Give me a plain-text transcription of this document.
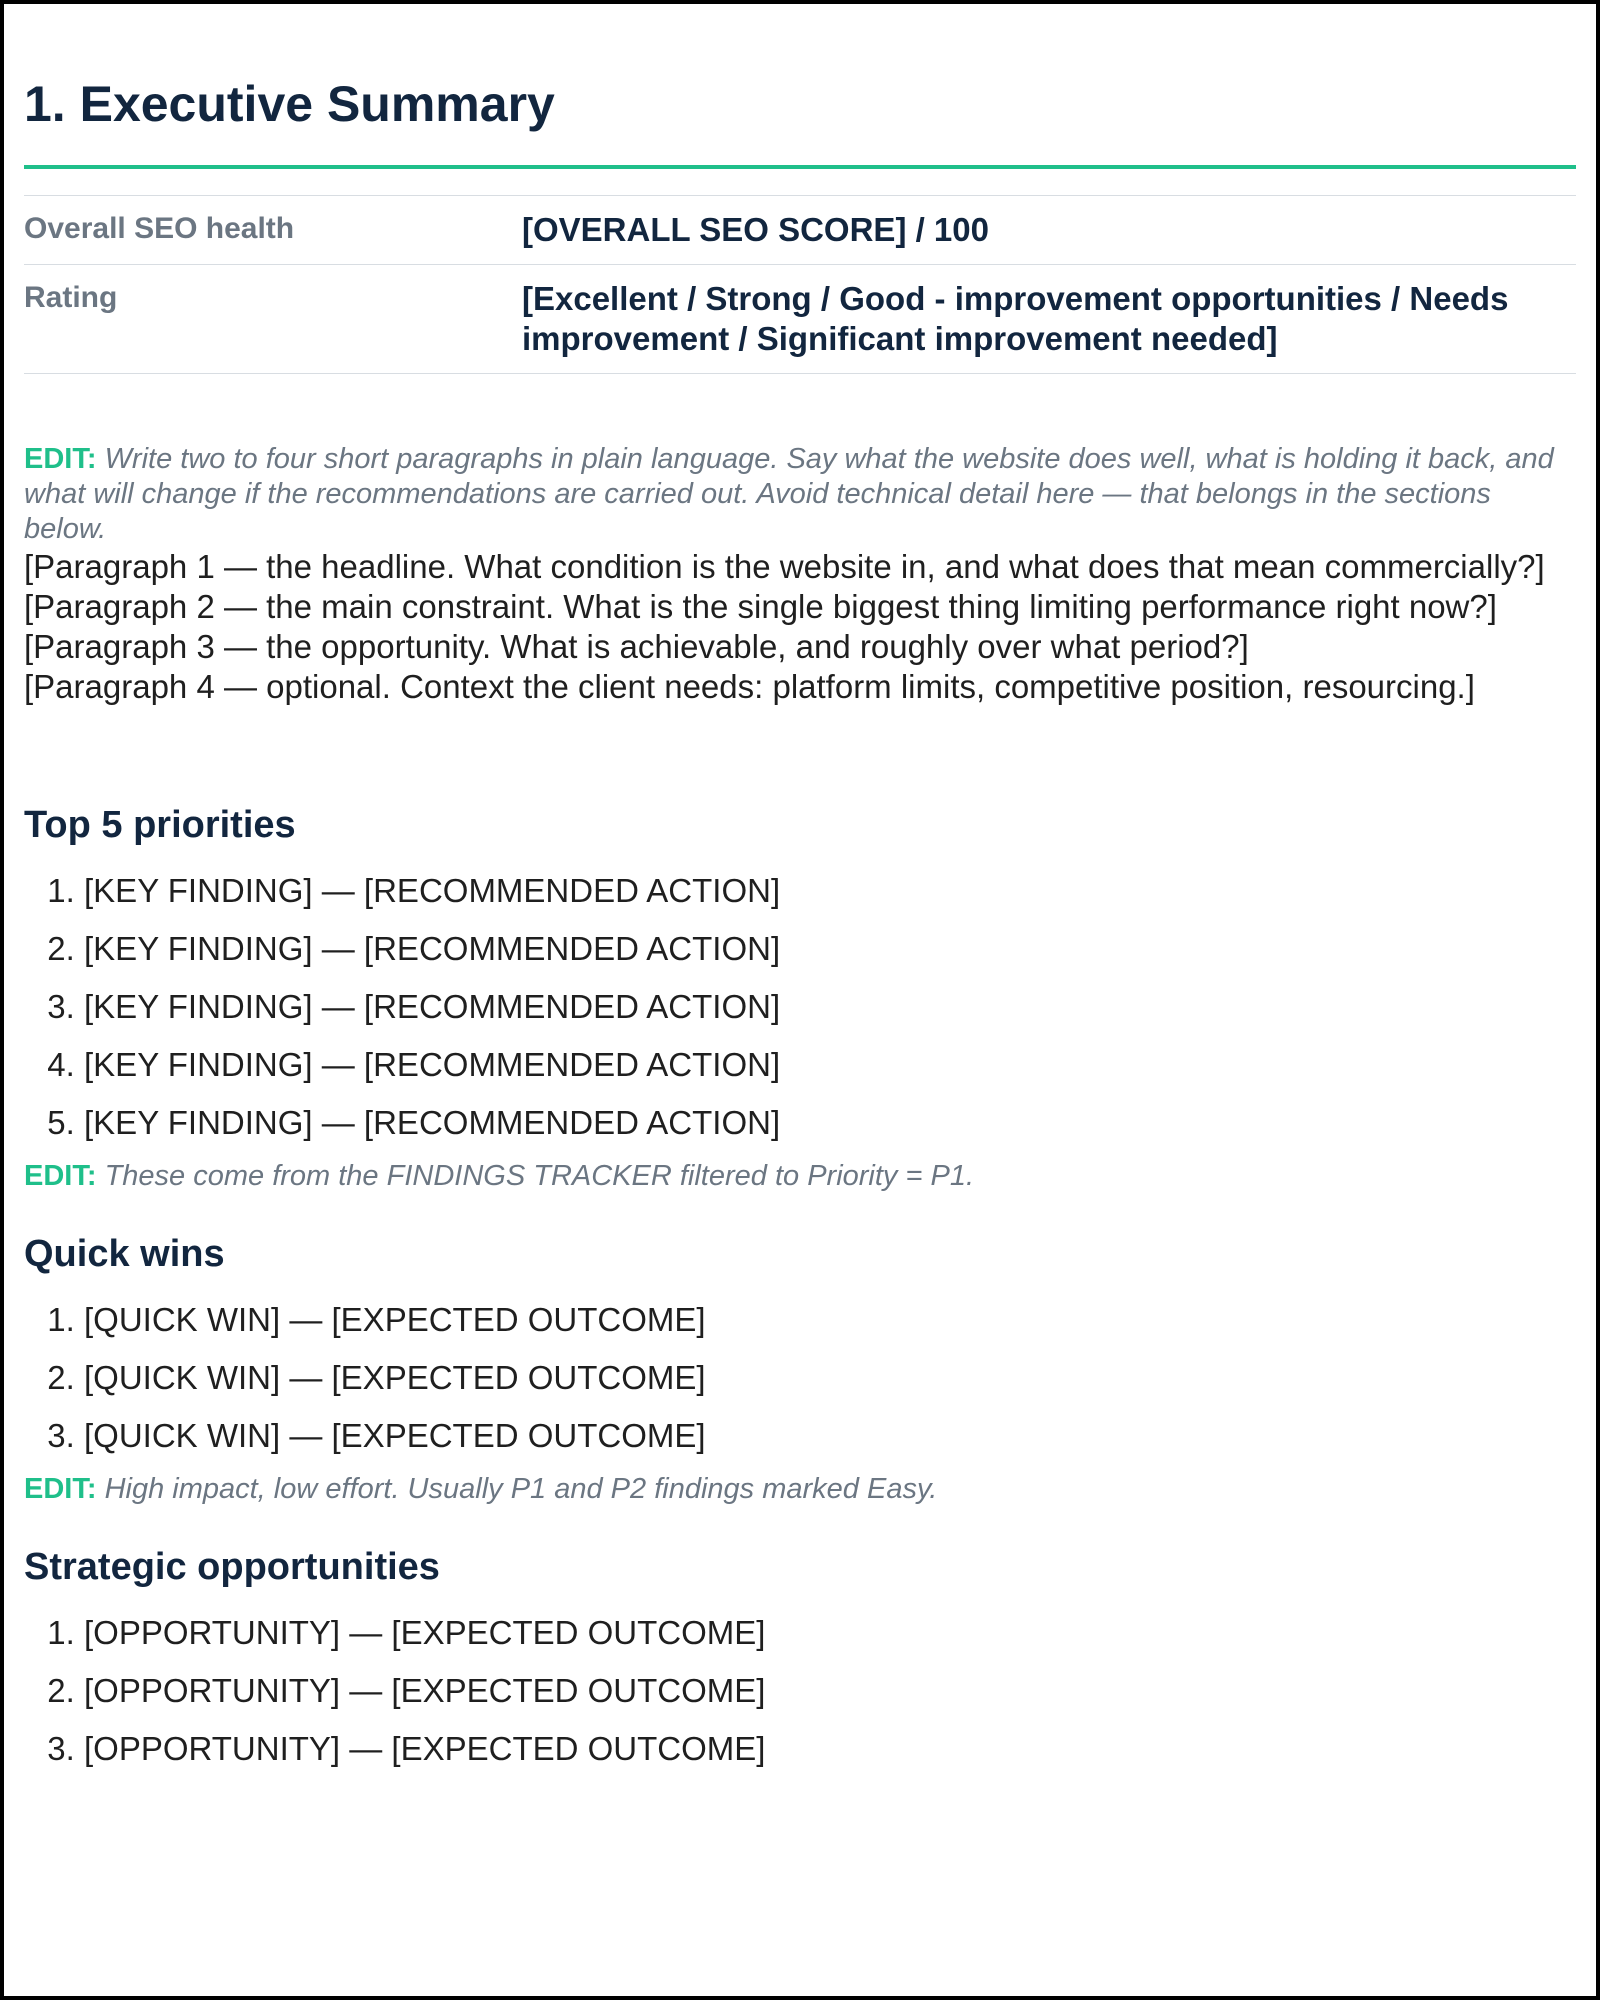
1. Executive Summary
Overall SEO health	[OVERALL SEO SCORE] / 100
Rating	[Excellent / Strong / Good - improvement opportunities / Needs improvement / Significant improvement needed]
EDIT: Write two to four short paragraphs in plain language. Say what the website does well, what is holding it back, and what will change if the recommendations are carried out. Avoid technical detail here — that belongs in the sections below.

[Paragraph 1 — the headline. What condition is the website in, and what does that mean commercially?]

[Paragraph 2 — the main constraint. What is the single biggest thing limiting performance right now?]

[Paragraph 3 — the opportunity. What is achievable, and roughly over what period?]

[Paragraph 4 — optional. Context the client needs: platform limits, competitive position, resourcing.]

Top 5 priorities
1. [KEY FINDING] — [RECOMMENDED ACTION]
2. [KEY FINDING] — [RECOMMENDED ACTION]
3. [KEY FINDING] — [RECOMMENDED ACTION]
4. [KEY FINDING] — [RECOMMENDED ACTION]
5. [KEY FINDING] — [RECOMMENDED ACTION]
EDIT: These come from the FINDINGS TRACKER filtered to Priority = P1.
Quick wins
1. [QUICK WIN] — [EXPECTED OUTCOME]
2. [QUICK WIN] — [EXPECTED OUTCOME]
3. [QUICK WIN] — [EXPECTED OUTCOME]
EDIT: High impact, low effort. Usually P1 and P2 findings marked Easy.
Strategic opportunities
1. [OPPORTUNITY] — [EXPECTED OUTCOME]
2. [OPPORTUNITY] — [EXPECTED OUTCOME]
3. [OPPORTUNITY] — [EXPECTED OUTCOME]
